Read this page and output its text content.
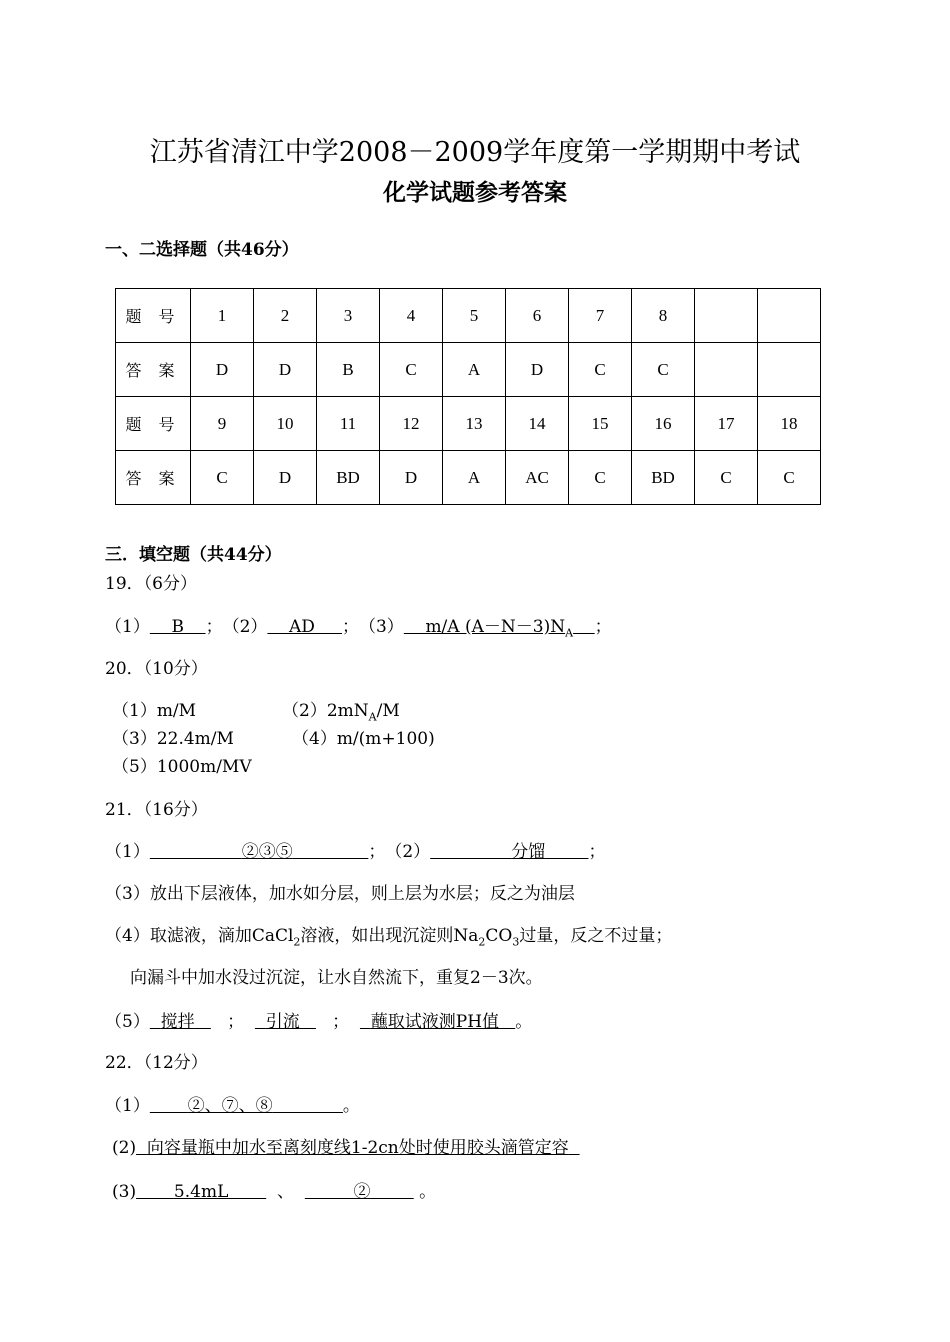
江苏省清江中学2008－2009学年度第一学期期中考试
化学试题参考答案
一、二选择题（共46分）
题 号	1	2	3	4	5	6	7	8		
答 案	D	D	B	C	A	D	C	C		
题 号	9	10	11	12	13	14	15	16	17	18
答 案	C	D	BD	D	A	AC	C	BD	C	C
三．填空题（共44分）
19．（6分）
（1） B ；　（2） AD ；　（3） m/A $(A-N-3)N_A$ ；
20．（10分）
（1）m/M	$(2)2mN_A/M$
（3）22.4m/M	（4）m/(m+100)
（5）1000m/MV
21．（16分）
（1）	②③⑤	；　（2）	分馏	；
（3）放出下层液体，加水如分层，则上层为水层；反之为油层
（4）取滤液，滴加CaCl$_2$溶液，如出现沉淀则$Na_2CO_3$过量，反之不过量；
向漏斗中加水没过沉淀，让水自然流下，重复2－3次。
（5） 搅拌 ； 引流 ； 蘸取试液测PH值 。
22．（12分）
（1） ②、⑦、⑧	。
(2) 向容量瓶中加水至离刻度线1-2cn处时使用胶头滴管定容
(3) 5.4mL	、	②	。
